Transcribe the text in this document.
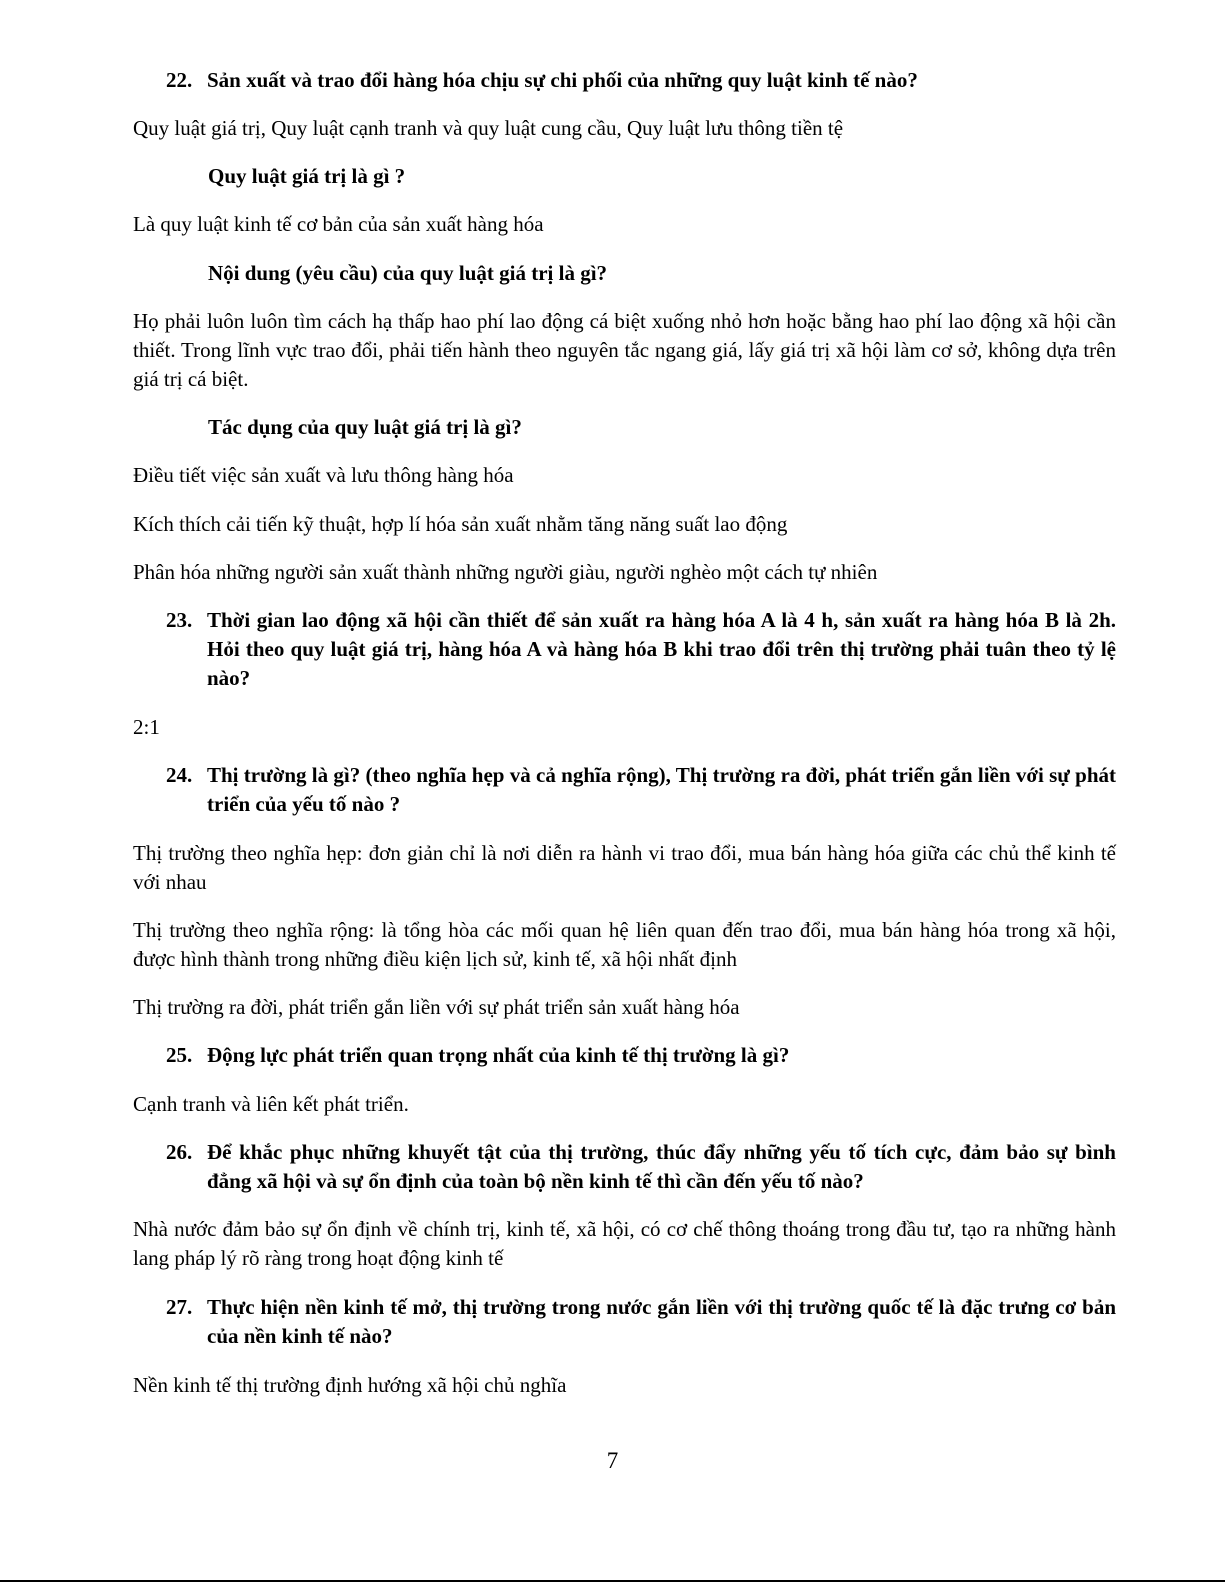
22. Sản xuất và trao đổi hàng hóa chịu sự chi phối của những quy luật kinh tế nào?

Quy luật giá trị, Quy luật cạnh tranh và quy luật cung cầu, Quy luật lưu thông tiền tệ

Quy luật giá trị là gì ?

Là quy luật kinh tế cơ bản của sản xuất hàng hóa

Nội dung (yêu cầu) của quy luật giá trị là gì?

Họ phải luôn luôn tìm cách hạ thấp hao phí lao động cá biệt xuống nhỏ hơn hoặc bằng hao phí lao động xã hội cần thiết. Trong lĩnh vực trao đổi, phải tiến hành theo nguyên tắc ngang giá, lấy giá trị xã hội làm cơ sở, không dựa trên giá trị cá biệt.

Tác dụng của quy luật giá trị là gì?

Điều tiết việc sản xuất và lưu thông hàng hóa

Kích thích cải tiến kỹ thuật, hợp lí hóa sản xuất nhằm tăng năng suất lao động

Phân hóa những người sản xuất thành những người giàu, người nghèo một cách tự nhiên

23. Thời gian lao động xã hội cần thiết để sản xuất ra hàng hóa A là 4 h, sản xuất ra hàng hóa B là 2h. Hỏi theo quy luật giá trị, hàng hóa A và hàng hóa B khi trao đổi trên thị trường phải tuân theo tỷ lệ nào?

2:1

24. Thị trường là gì? (theo nghĩa hẹp và cả nghĩa rộng), Thị trường ra đời, phát triển gắn liền với sự phát triển của yếu tố nào ?

Thị trường theo nghĩa hẹp: đơn giản chỉ là nơi diễn ra hành vi trao đổi, mua bán hàng hóa giữa các chủ thể kinh tế với nhau

Thị trường theo nghĩa rộng: là tổng hòa các mối quan hệ liên quan đến trao đổi, mua bán hàng hóa trong xã hội, được hình thành trong những điều kiện lịch sử, kinh tế, xã hội nhất định

Thị trường ra đời, phát triển gắn liền với sự phát triển sản xuất hàng hóa

25. Động lực phát triển quan trọng nhất của kinh tế thị trường là gì?

Cạnh tranh và liên kết phát triển.

26. Để khắc phục những khuyết tật của thị trường, thúc đẩy những yếu tố tích cực, đảm bảo sự bình đẳng xã hội và sự ổn định của toàn bộ nền kinh tế thì cần đến yếu tố nào?

Nhà nước đảm bảo sự ổn định về chính trị, kinh tế, xã hội, có cơ chế thông thoáng trong đầu tư, tạo ra những hành lang pháp lý rõ ràng trong hoạt động kinh tế

27. Thực hiện nền kinh tế mở, thị trường trong nước gắn liền với thị trường quốc tế là đặc trưng cơ bản của nền kinh tế nào?

Nền kinh tế thị trường định hướng xã hội chủ nghĩa

7
